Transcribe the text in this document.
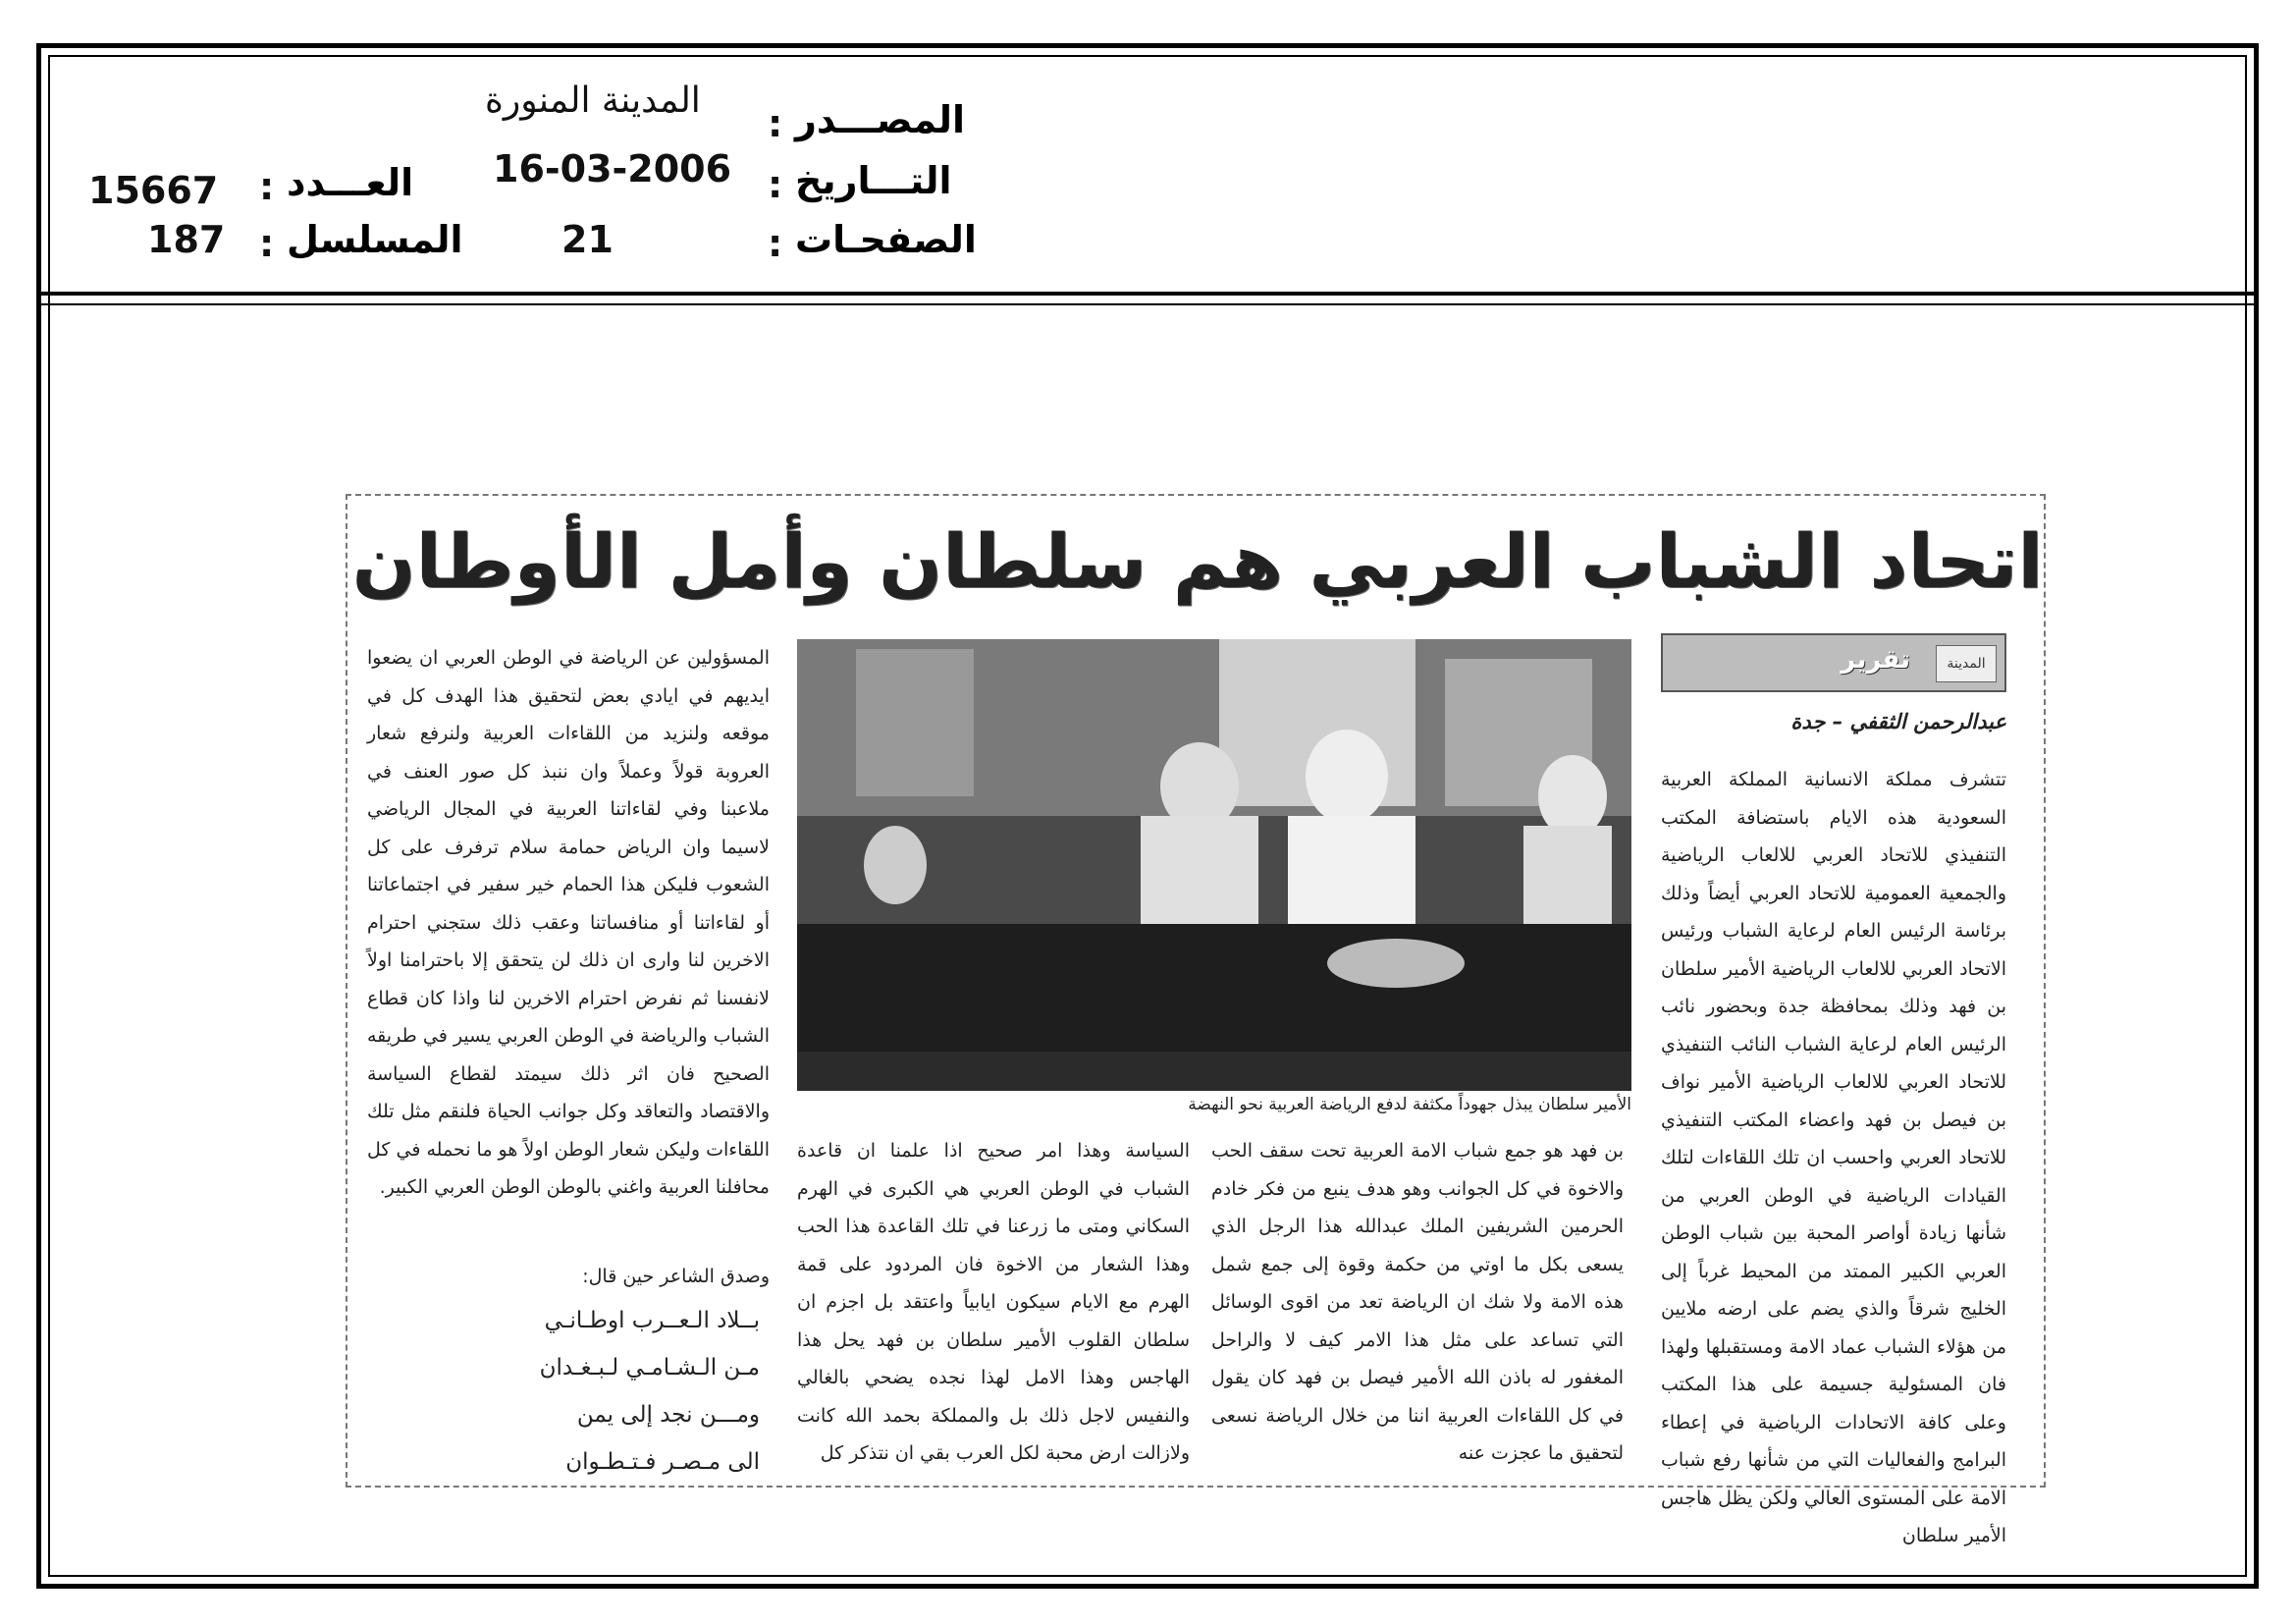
المدينة المنورة
: المصـــدر
16-03-2006 : التـــاريخ
21	: الصفحـات
15667 : العـــدد
187 : المسلسل
اتحاد الشباب العربي هم سلطان وأمل الأوطان
المدينة
تقرير
عبدالرحمن الثقفي – جدة
تتشرف مملكة الانسانية المملكة العربية السعودية هذه الايام باستضافة المكتب التنفيذي للاتحاد العربي للالعاب الرياضية والجمعية العمومية للاتحاد العربي أيضاً وذلك برئاسة الرئيس العام لرعاية الشباب ورئيس الاتحاد العربي للالعاب الرياضية الأمير سلطان بن فهد وذلك بمحافظة جدة وبحضور نائب الرئيس العام لرعاية الشباب النائب التنفيذي للاتحاد العربي للالعاب الرياضية الأمير نواف بن فيصل بن فهد واعضاء المكتب التنفيذي للاتحاد العربي واحسب ان تلك اللقاءات لتلك القيادات الرياضية في الوطن العربي من شأنها زيادة أواصر المحبة بين شباب الوطن العربي الكبير الممتد من المحيط غرباً إلى الخليج شرقاً والذي يضم على ارضه ملايين من هؤلاء الشباب عماد الامة ومستقبلها ولهذا فان المسئولية جسيمة على هذا المكتب وعلى كافة الاتحادات الرياضية في إعطاء البرامج والفعاليات التي من شأنها رفع شباب الامة على المستوى العالي ولكن يظل هاجس الأمير سلطان
الأمير سلطان يبذل جهوداً مكثفة لدفع الرياضة العربية نحو النهضة
بن فهد هو جمع شباب الامة العربية تحت سقف الحب والاخوة في كل الجوانب وهو هدف ينبع من فكر خادم الحرمين الشريفين الملك عبدالله هذا الرجل الذي يسعى بكل ما اوتي من حكمة وقوة إلى جمع شمل هذه الامة ولا شك ان الرياضة تعد من اقوى الوسائل التي تساعد على مثل هذا الامر كيف لا والراحل المغفور له باذن الله الأمير فيصل بن فهد كان يقول في كل اللقاءات العربية اننا من خلال الرياضة نسعى لتحقيق ما عجزت عنه
السياسة وهذا امر صحيح اذا علمنا ان قاعدة الشباب في الوطن العربي هي الكبرى في الهرم السكاني ومتى ما زرعنا في تلك القاعدة هذا الحب وهذا الشعار من الاخوة فان المردود على قمة الهرم مع الايام سيكون ايابياً واعتقد بل اجزم ان سلطان القلوب الأمير سلطان بن فهد يحل هذا الهاجس وهذا الامل لهذا نجده يضحي بالغالي والنفيس لاجل ذلك بل والمملكة بحمد الله كانت ولازالت ارض محبة لكل العرب بقي ان نتذكر كل
المسؤولين عن الرياضة في الوطن العربي ان يضعوا ايديهم في ايادي بعض لتحقيق هذا الهدف كل في موقعه ولنزيد من اللقاءات العربية ولنرفع شعار العروبة قولاً وعملاً وان ننبذ كل صور العنف في ملاعبنا وفي لقاءاتنا العربية في المجال الرياضي لاسيما وان الرياض حمامة سلام ترفرف على كل الشعوب فليكن هذا الحمام خير سفير في اجتماعاتنا أو لقاءاتنا أو منافساتنا وعقب ذلك ستجني احترام الاخرين لنا وارى ان ذلك لن يتحقق إلا باحترامنا اولاً لانفسنا ثم نفرض احترام الاخرين لنا واذا كان قطاع الشباب والرياضة في الوطن العربي يسير في طريقه الصحيح فان اثر ذلك سيمتد لقطاع السياسة والاقتصاد والتعاقد وكل جوانب الحياة فلنقم مثل تلك اللقاءات وليكن شعار الوطن اولاً هو ما نحمله في كل محافلنا العربية واغني بالوطن الوطن العربي الكبير.
وصدق الشاعر حين قال:
بــلاد الـعــرب اوطـانـي
مـن الـشـامـي لـبـغـدان
ومـــن نجد إلى يمن
الى مـصـر فـتـطـوان
